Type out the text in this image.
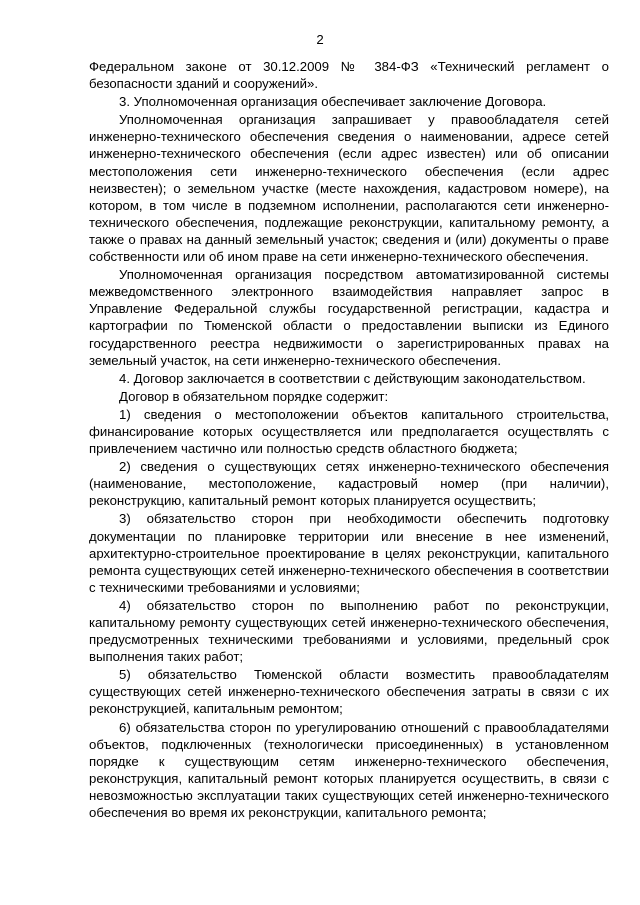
2

Федеральном законе от 30.12.2009 № 384-ФЗ «Технический регламент о безопасности зданий и сооружений».

3. Уполномоченная организация обеспечивает заключение Договора.

Уполномоченная организация запрашивает у правообладателя сетей инженерно-технического обеспечения сведения о наименовании, адресе сетей инженерно-технического обеспечения (если адрес известен) или об описании местоположения сети инженерно-технического обеспечения (если адрес неизвестен); о земельном участке (месте нахождения, кадастровом номере), на котором, в том числе в подземном исполнении, располагаются сети инженерно-технического обеспечения, подлежащие реконструкции, капитальному ремонту, а также о правах на данный земельный участок; сведения и (или) документы о праве собственности или об ином праве на сети инженерно-технического обеспечения.

Уполномоченная организация посредством автоматизированной системы межведомственного электронного взаимодействия направляет запрос в Управление Федеральной службы государственной регистрации, кадастра и картографии по Тюменской области о предоставлении выписки из Единого государственного реестра недвижимости о зарегистрированных правах на земельный участок, на сети инженерно-технического обеспечения.

4. Договор заключается в соответствии с действующим законодательством.

Договор в обязательном порядке содержит:

1) сведения о местоположении объектов капитального строительства, финансирование которых осуществляется или предполагается осуществлять с привлечением частично или полностью средств областного бюджета;

2) сведения о существующих сетях инженерно-технического обеспечения (наименование, местоположение, кадастровый номер (при наличии), реконструкцию, капитальный ремонт которых планируется осуществить;

3) обязательство сторон при необходимости обеспечить подготовку документации по планировке территории или внесение в нее изменений, архитектурно-строительное проектирование в целях реконструкции, капитального ремонта существующих сетей инженерно-технического обеспечения в соответствии с техническими требованиями и условиями;

4) обязательство сторон по выполнению работ по реконструкции, капитальному ремонту существующих сетей инженерно-технического обеспечения, предусмотренных техническими требованиями и условиями, предельный срок выполнения таких работ;

5) обязательство Тюменской области возместить правообладателям существующих сетей инженерно-технического обеспечения затраты в связи с их реконструкцией, капитальным ремонтом;

6) обязательства сторон по урегулированию отношений с правообладателями объектов, подключенных (технологически присоединенных) в установленном порядке к существующим сетям инженерно-технического обеспечения, реконструкция, капитальный ремонт которых планируется осуществить, в связи с невозможностью эксплуатации таких существующих сетей инженерно-технического обеспечения во время их реконструкции, капитального ремонта;
